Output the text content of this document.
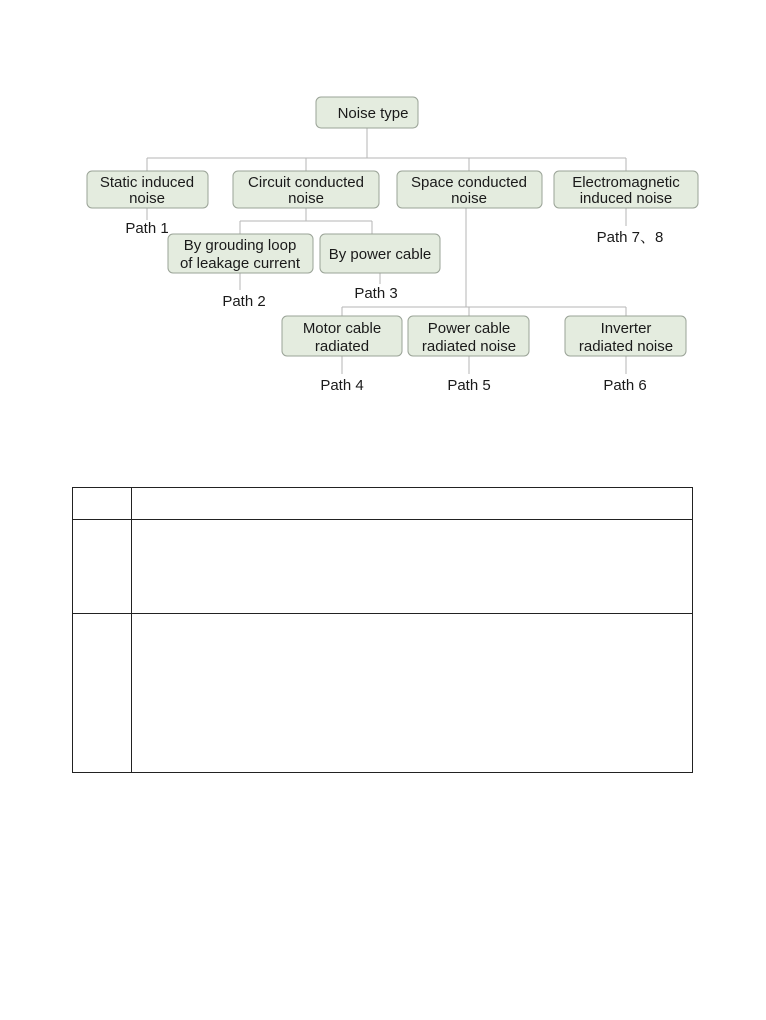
Noise type
Static induced
noise
Circuit conducted
noise
Space conducted
noise
Electromagnetic
induced noise
By grouding loop
of leakage current
By power cable
Motor cable
radiated
Power cable
radiated noise
Inverter
radiated noise
Path 1
Path 2	Path 3
Path 4	Path 5	Path 6
Path 7、8
